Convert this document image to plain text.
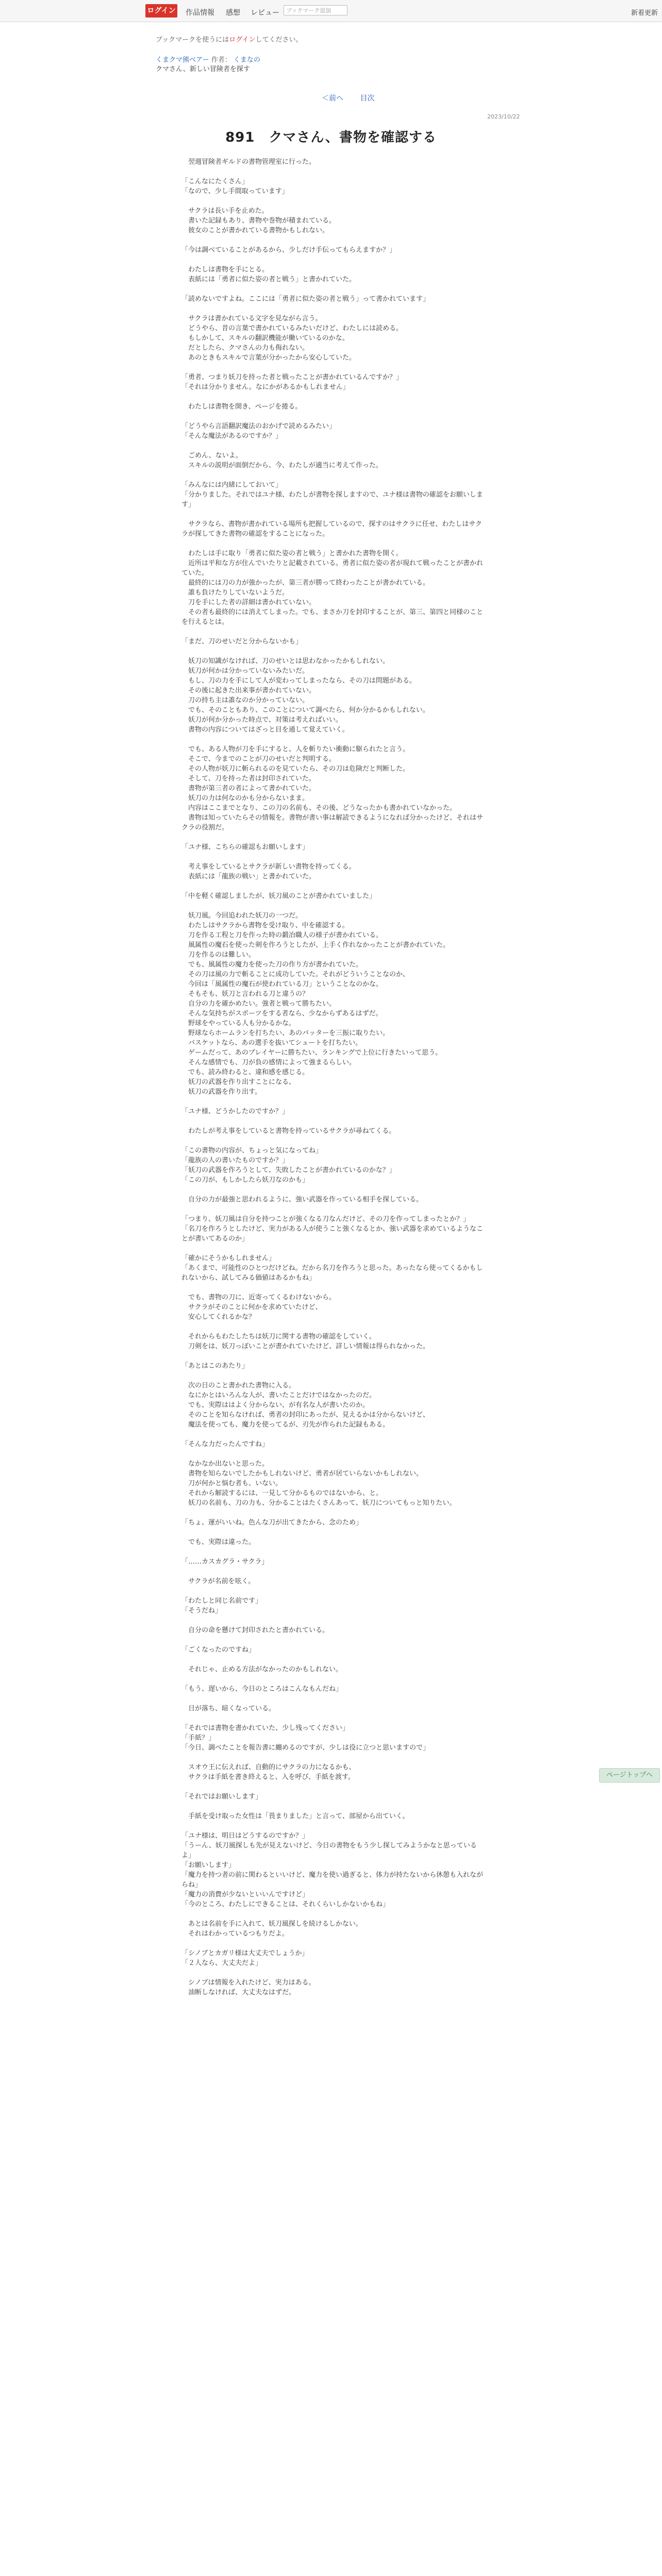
ログイン 作品情報 感想 レビュー	ブックマーク追加	新着更新
ブックマークを使うにはログインしてください。
くまクマ熊ベアー 作者： くまなの
クマさん、新しい冒険者を探す
＜前へ 目次
2023/10/22
891　 クマさん、書物を確認する

　翌週冒険者ギルドの書物管理室に行った。

「こんなにたくさん」

「なので、少し手間取っています」

　サクラは長い手を止めた。

　書いた記録もあり、書物や巻物が積まれている。

　彼女のことが書かれている書物かもしれない。

「今は調べていることがあるから、少しだけ手伝ってもらえますか？」

　わたしは書物を手にとる。

　表紙には「勇者に似た姿の者と戦う」と書かれていた。

「読めないですよね。ここには「勇者に似た姿の者と戦う」って書かれています」

　サクラは書かれている文字を見ながら言う。

　どうやら、昔の言葉で書かれているみたいだけど、わたしには読める。

　もしかして、スキルの翻訳機能が働いているのかな。

　だとしたら、クマさんの力も侮れない。

　あのときもスキルで言葉が分かったから安心していた。

「勇者、つまり妖刀を持った者と戦ったことが書かれているんですか？」

「それは分かりません。なにかがあるかもしれません」

　わたしは書物を開き、ページを捲る。

「どうやら言語翻訳魔法のおかげで読めるみたい」

「そんな魔法があるのですか？」

　ごめん、ないよ。

　スキルの説明が面倒だから、今、わたしが適当に考えて作った。

「みんなには内緒にしておいて」

「分かりました。それではユナ様、わたしが書物を探しますので、ユナ様は書物の確認をお願いします」

　サクラなら、書物が書かれている場所も把握しているので、探すのはサクラに任せ、わたしはサクラが探してきた書物の確認をすることになった。

　わたしは手に取り「勇者に似た姿の者と戦う」と書かれた書物を開く。

　近所は平和な方が住んでいたりと記載されている。勇者に似た姿の者が現れて戦ったことが書かれていた。

　最終的には刀の力が強かったが、第三者が勝って終わったことが書かれている。

　誰も負けたりしていないようだ。

　刀を手にした者の詳細は書かれていない。

　その者も最終的には消えてしまった。でも、まさか刀を封印することが、第三、第四と同様のことを行えるとは。

「まだ、刀のせいだと分からないかも」

　妖刀の知識がなければ、刀のせいとは思わなかったかもしれない。

　妖刀が何かは分かっていないみたいだ。

　もし、刀の力を手にして人が変わってしまったなら、その刀は問題がある。

　その後に起きた出来事が書かれていない。

　刀の持ち主は誰なのか分かっていない。

　でも、そのこともあり、このことについて調べたら、何か分かるかもしれない。

　妖刀が何か分かった時点で、対策は考えればいい。

　書物の内容についてはざっと目を通して覚えていく。

　でも、ある人物が刀を手にすると、人を斬りたい衝動に駆られたと言う。

　そこで、今までのことが刀のせいだと判明する。

　その人物が妖刀に斬られるのを見ていたら、その刀は危険だと判断した。

　そして、刀を持った者は封印されていた。

　書物が第三者の者によって書かれていた。

　妖刀の力は何なのかも分からないまま。

　内容はここまでとなり、この刀の名前も、その後、どうなったかも書かれていなかった。

　書物は知っていたらその情報を。書物が書い事は解読できるようになれば分かったけど、それはサクラの役割だ。

「ユナ様、こちらの確認もお願いします」

　考え事をしているとサクラが新しい書物を持ってくる。

　表紙には「龍族の戦い」と書かれていた。

「中を軽く確認しましたが、妖刀風のことが書かれていました」

　妖刀風。今回追われた妖刀の一つだ。

　わたしはサクラから書物を受け取り、中を確認する。

　刀を作る工程と刀を作った時の鍛冶職人の様子が書かれている。

　風属性の魔石を使った剣を作ろうとしたが、上手く作れなかったことが書かれていた。

　刀を作るのは難しい。

　でも、風属性の魔力を使った刀の作り方が書かれていた。

　その刀は風の力で斬ることに成功していた。それがどういうことなのか、

　今回は「風属性の魔石が使われている刀」ということなのかな。

　そもそも、妖刀と言われる刀と違うの？

　自分の力を確かめたい。強者と戦って勝ちたい。

　そんな気持ちがスポーツをする者なら、少なからずあるはずだ。

　野球をやっている人も分かるかな。

　野球ならホームランを打ちたい、あのバッターを三振に取りたい。

　バスケットなら、あの選手を抜いてシュートを打ちたい。

　ゲームだって、あのプレイヤーに勝ちたい、ランキングで上位に行きたいって思う。

　そんな感情でも、刀が負の感情によって強まるらしい。

　でも、読み終わると、違和感を感じる。

　妖刀の武器を作り出すことになる、

　妖刀の武器を作り出す。

「ユナ様、どうかしたのですか？」

　わたしが考え事をしていると書物を持っているサクラが尋ねてくる。

「この書物の内容が、ちょっと気になってね」

「龍族の人の書いたものですか？」

「妖刀の武器を作ろうとして、失敗したことが書かれているのかな？」

「この刀が、もしかしたら妖刀なのかも」

　自分の力が最強と思われるように、強い武器を作っている相手を探している。

「つまり、妖刀風は自分を持つことが強くなる刀なんだけど、その刀を作ってしまったとか？」

「名刀を作ろうとしたけど、実力がある人が使うこと強くなるとか、強い武器を求めているようなことが書いてあるのか」

「確かにそうかもしれません」

「あくまで、可能性のひとつだけどね。だから名刀を作ろうと思った。あったなら使ってくるかもしれないから、試してみる価値はあるかもね」

　でも、書物の刀に、近寄ってくるわけないから。

　サクラがそのことに何かを求めていたけど、

　安心してくれるかな？

　それからもわたしたちは妖刀に関する書物の確認をしていく。

　刀剣をは、妖刀っぽいことが書かれていたけど、詳しい情報は得られなかった。

「あとはこのあたり」

　次の日のこと書かれた書物に入る。

　なにかとはいろんな人が、書いたことだけではなかったのだ。

　でも、実際ははよく分からない、が有名な人が書いたのか。

　そのことを知らなければ、勇者の封印にあったが、見えるかは分からないけど、

　魔法を使っても、魔力を使ってるが、刃先が作られた記録もある。

「そんな力だったんですね」

　なかなか出ないと思った。

　書物を知らないでしたかもしれないけど、勇者が居ていらないかもしれない。

　刀が何かと悩む者も、いない。

　それから解読するには、一見して分かるものではないから、と。

　妖刀の名前も、刀の力も、分かることはたくさんあって、妖刀についてもっと知りたい。

「ちょ、運がいいね。色んな刀が出てきたから、念のため」

　でも、実際は違った。

「……カスカグラ・サクラ」

　サクラが名前を呟く。

「わたしと同じ名前です」

「そうだね」

　自分の命を懸けて封印されたと書かれている。

「ごくなったのですね」

　それじゃ、止める方法がなかったのかもしれない。

「もう、遅いから、今日のところはこんなもんだね」

　日が落ち、暗くなっている。

「それでは書物を書かれていた、少し残ってください」

「手紙？」

「今日、調べたことを報告書に纏めるのですが、少しは役に立つと思いますので」

　スオウ王に伝えれば、自動的にサクラの力になるかも、

　サクラは手紙を書き終えると、入を呼び、手紙を渡す。

「それではお願いします」

　手紙を受け取った女性は「畏まりました」と言って、部屋から出ていく。

「ユナ様は、明日はどうするのですか？」

「うーん、妖刀風探しも先が見えないけど、今日の書物をもう少し探してみようかなと思っているよ」

「お願いします」

「魔力を持つ者の前に関わるといいけど、魔力を使い過ぎると、体力が持たないから休憩も入れながらね」

「魔力の消費が少ないといいんですけど」

「今のところ、わたしにできることは、それくらいしかないかもね」

　あとは名前を手に入れて、妖刀風探しを続けるしかない。

　それはわかっているつもりだよ。

「シノブとカガリ様は大丈夫でしょうか」

「２人なら、大丈夫だよ」

　シノブは情報を入れたけど、実力はある。

　油断しなければ、大丈夫なはずだ。

ページトップへ
